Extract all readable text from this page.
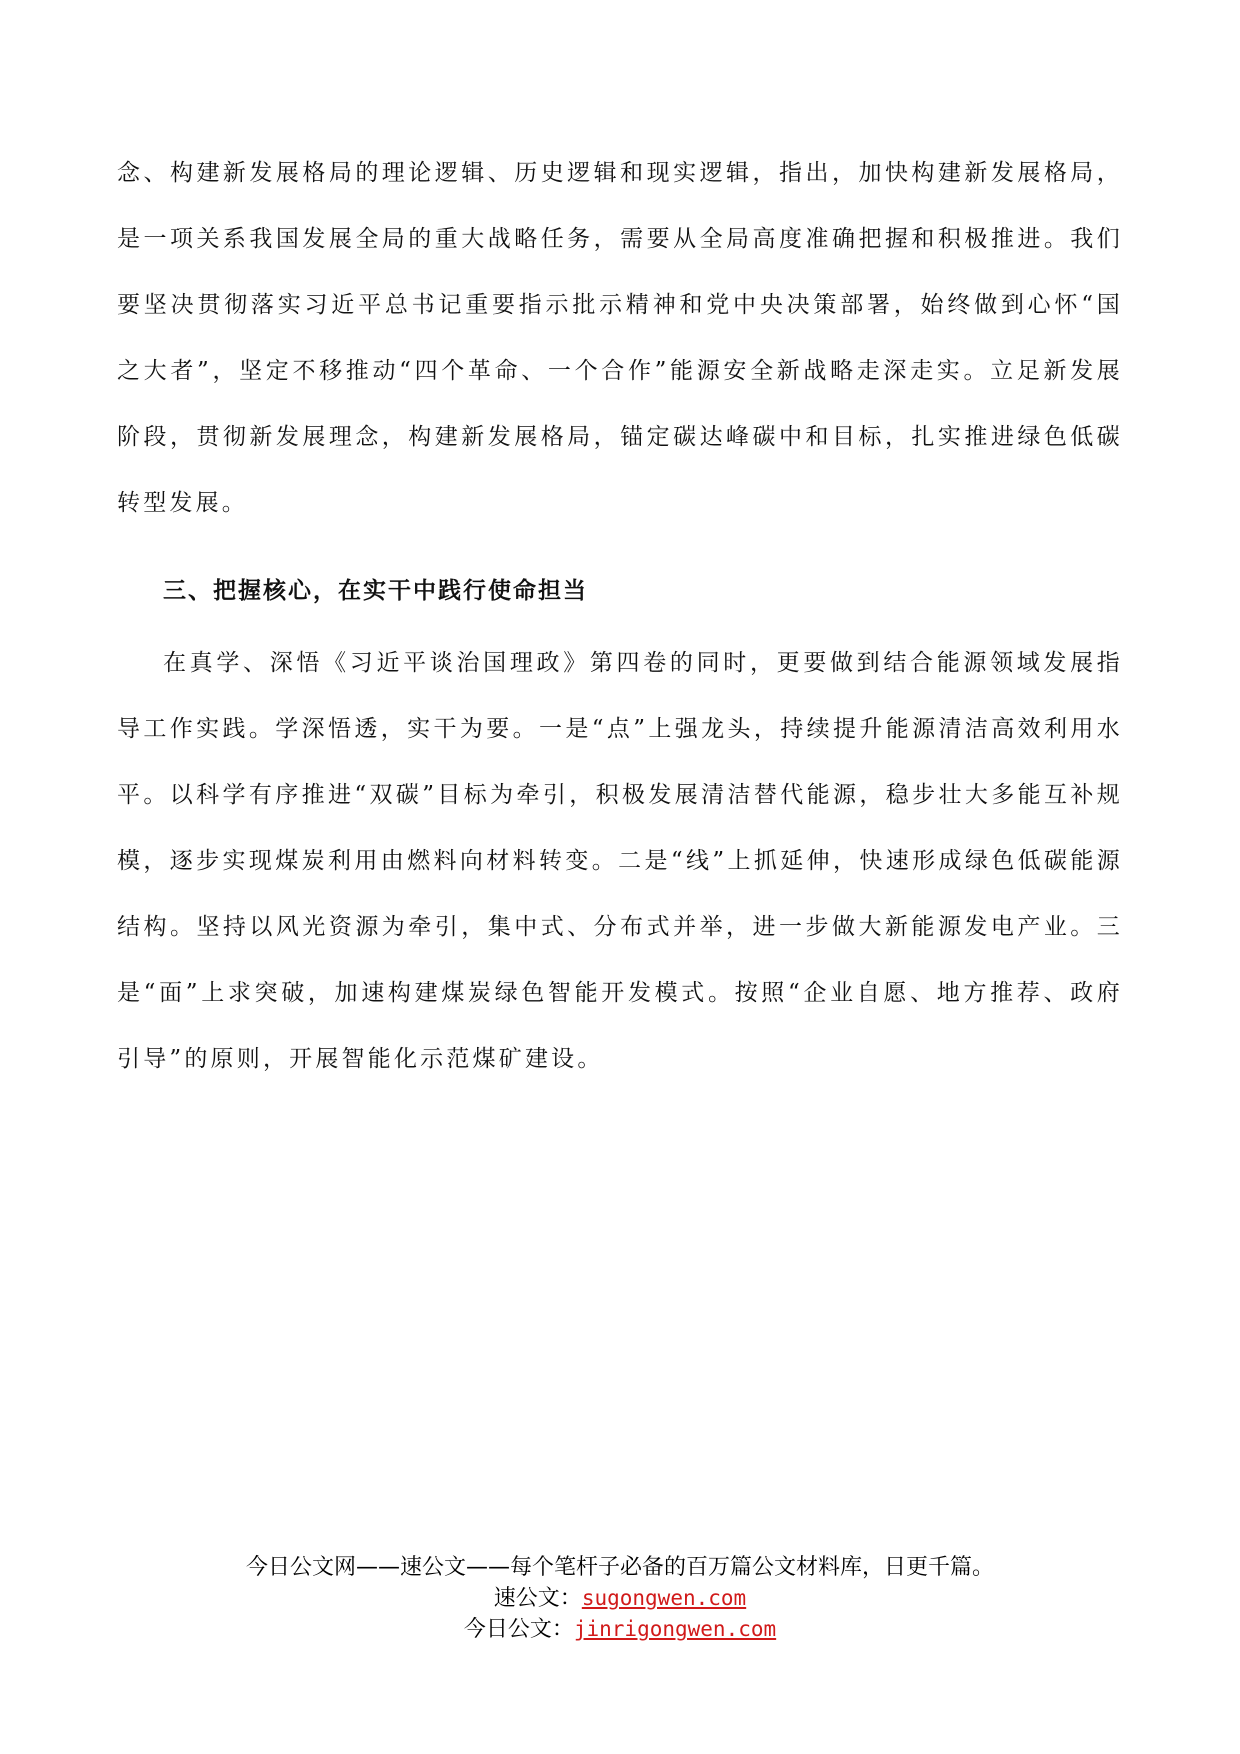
念、构建新发展格局的理论逻辑、历史逻辑和现实逻辑，指出，加快构建新发展格局，是一项关系我国发展全局的重大战略任务，需要从全局高度准确把握和积极推进。我们要坚决贯彻落实习近平总书记重要指示批示精神和党中央决策部署，始终做到心怀“国之大者”，坚定不移推动“四个革命、一个合作”能源安全新战略走深走实。立足新发展阶段，贯彻新发展理念，构建新发展格局，锚定碳达峰碳中和目标，扎实推进绿色低碳转型发展。

三、把握核心，在实干中践行使命担当

在真学、深悟《习近平谈治国理政》第四卷的同时，更要做到结合能源领域发展指导工作实践。学深悟透，实干为要。一是“点”上强龙头，持续提升能源清洁高效利用水平。以科学有序推进“双碳”目标为牵引，积极发展清洁替代能源，稳步壮大多能互补规模，逐步实现煤炭利用由燃料向材料转变。二是“线”上抓延伸，快速形成绿色低碳能源结构。坚持以风光资源为牵引，集中式、分布式并举，进一步做大新能源发电产业。三是“面”上求突破，加速构建煤炭绿色智能开发模式。按照“企业自愿、地方推荐、政府引导”的原则，开展智能化示范煤矿建设。

今日公文网——速公文——每个笔杆子必备的百万篇公文材料库，日更千篇。
速公文：sugongwen.com
今日公文：jinrigongwen.com
